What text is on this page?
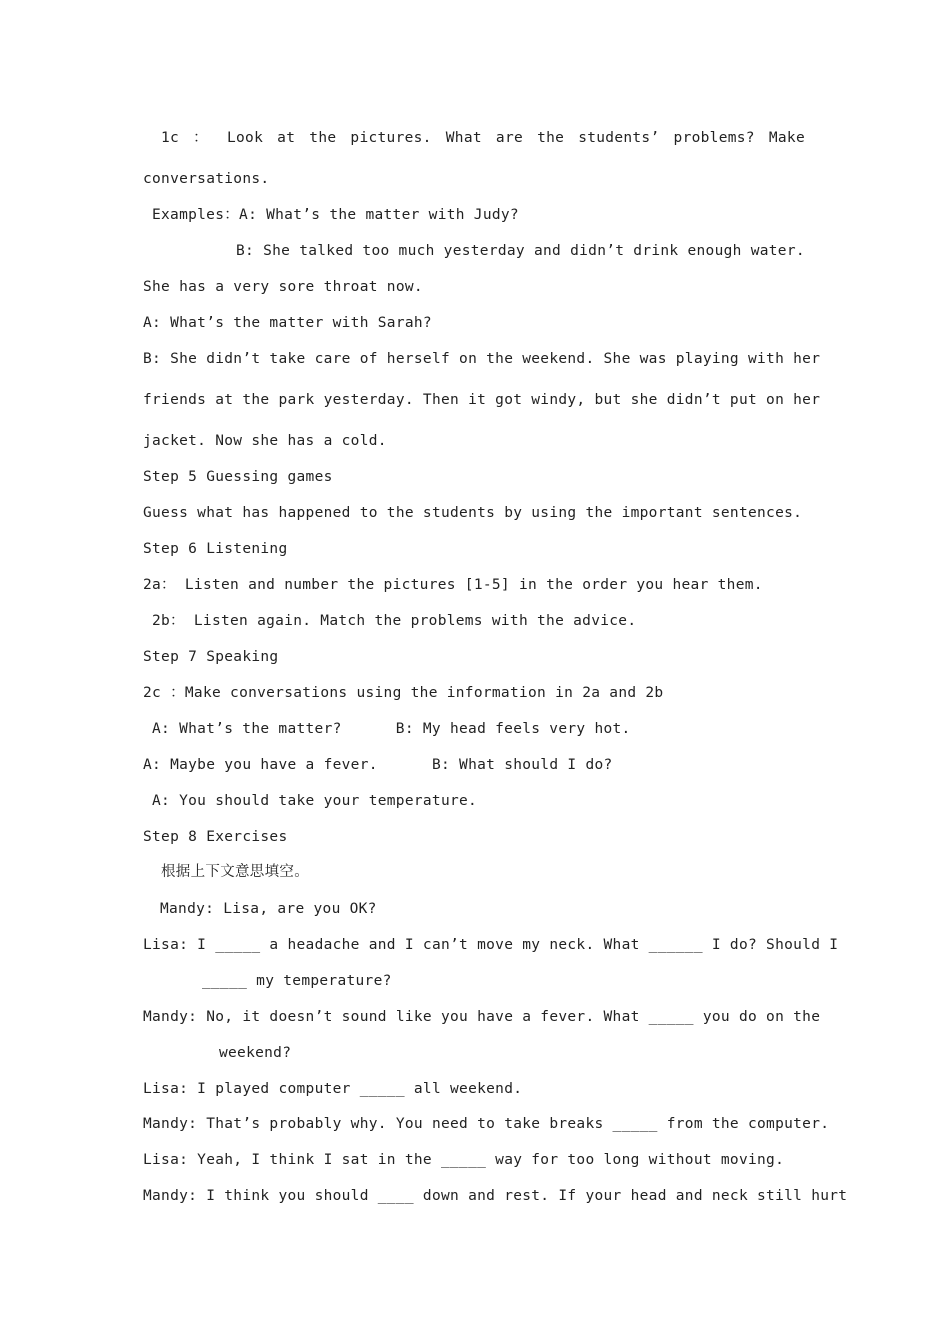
1c ： Look at the pictures. What are the students’ problems? Make
conversations.
Examples：A: What’s the matter with Judy?
B: She talked too much yesterday and didn’t drink enough water.
She has a very sore throat now.
A: What’s the matter with Sarah?
B: She didn’t take care of herself on the weekend. She was playing with her
friends at the park yesterday. Then it got windy, but she didn’t put on her
jacket. Now she has a cold.
Step 5 Guessing games
Guess what has happened to the students by using the important sentences.
Step 6 Listening
2a： Listen and number the pictures [1-5] in the order you hear them.
2b： Listen again. Match the problems with the advice.
Step 7 Speaking
2c ：Make conversations using the information in 2a and 2b
A: What’s the matter?      B: My head feels very hot.
A: Maybe you have a fever.      B: What should I do?
A: You should take your temperature.
Step 8 Exercises
根据上下文意思填空。
Mandy: Lisa, are you OK?
Lisa: I _____ a headache and I can’t move my neck. What ______ I do? Should I
_____ my temperature?
Mandy: No, it doesn’t sound like you have a fever. What _____ you do on the
weekend?
Lisa: I played computer _____ all weekend.
Mandy: That’s probably why. You need to take breaks _____ from the computer.
Lisa: Yeah, I think I sat in the _____ way for too long without moving.
Mandy: I think you should ____ down and rest. If your head and neck still hurt
